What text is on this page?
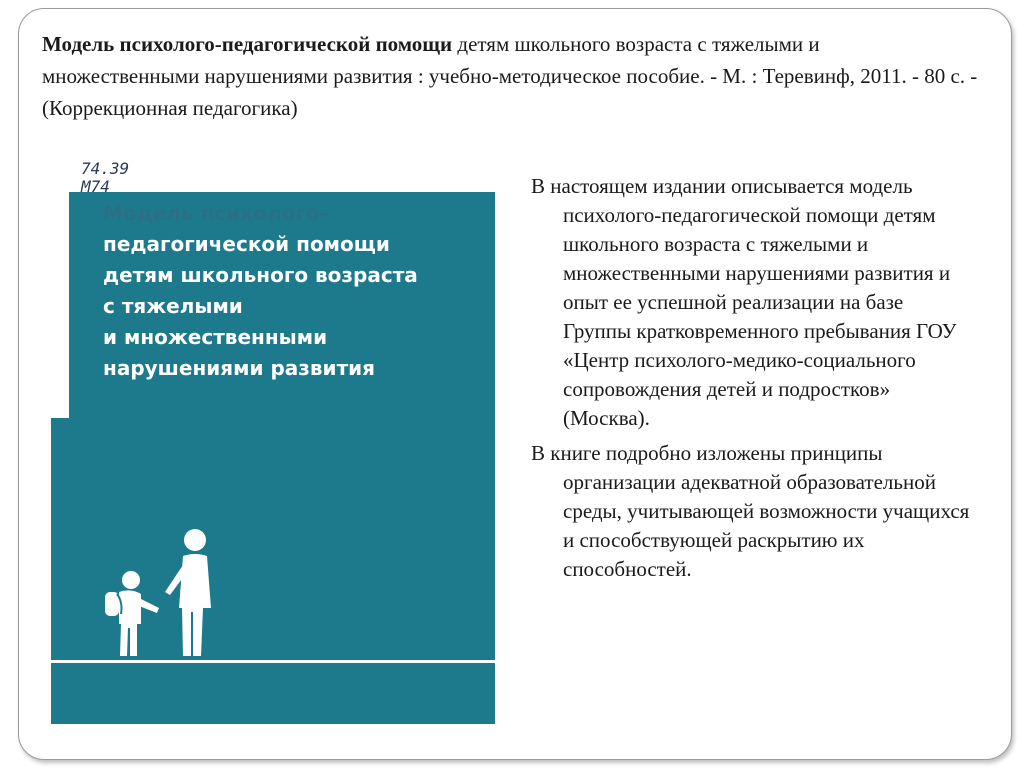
Модель психолого-педагогической помощи детям школьного возраста с тяжелыми и множественными нарушениями развития : учебно-методическое пособие. - М. : Теревинф, 2011. - 80 с. - (Коррекционная педагогика)
74.39
М74
Модель психолого–
педагогической помощи
детям школьного возраста
с тяжелыми
и множественными
нарушениями развития

В настоящем издании описывается модель психолого-педагогической помощи детям школьного возраста с тяжелыми и множественными нарушениями развития и опыт ее успешной реализации на базе Группы кратковременного пребывания ГОУ «Центр психолого-медико-социального сопровождения детей и подростков» (Москва).

В книге подробно изложены принципы организации адекватной образовательной среды, учитывающей возможности учащихся и способствующей раскрытию их способностей.
